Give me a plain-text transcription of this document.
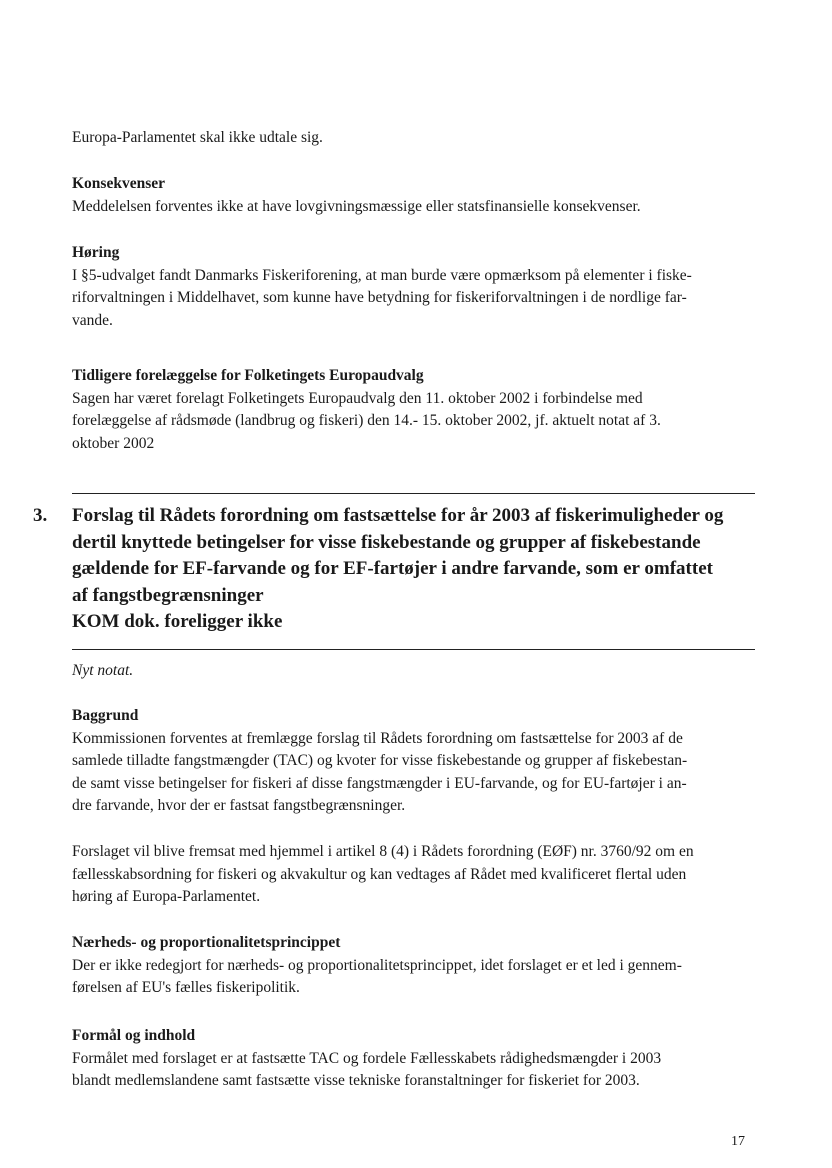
Europa-Parlamentet skal ikke udtale sig.

Konsekvenser

Meddelelsen forventes ikke at have lovgivningsmæssige eller statsfinansielle konsekvenser.

Høring

I §5-udvalget fandt Danmarks Fiskeriforening, at man burde være opmærksom på elementer i fiske-
riforvaltningen i Middelhavet, som kunne have betydning for fiskeriforvaltningen i de nordlige far-
vande.

Tidligere forelæggelse for Folketingets Europaudvalg

Sagen har været forelagt Folketingets Europaudvalg den 11. oktober 2002 i forbindelse med
forelæggelse af rådsmøde (landbrug og fiskeri) den 14.- 15. oktober 2002, jf. aktuelt notat af 3.
oktober 2002
3. Forslag til Rådets forordning om fastsættelse for år 2003 af fiskerimuligheder og
dertil knyttede betingelser for visse fiskebestande og grupper af fiskebestande
gældende for EF-farvande og for EF-fartøjer i andre farvande, som er omfattet
af fangstbegrænsninger
KOM dok. foreligger ikke
Nyt notat.

Baggrund

Kommissionen forventes at fremlægge forslag til Rådets forordning om fastsættelse for 2003 af de
samlede tilladte fangstmængder (TAC) og kvoter for visse fiskebestande og grupper af fiskebestan-
de samt visse betingelser for fiskeri af disse fangstmængder i EU-farvande, og for EU-fartøjer i an-
dre farvande, hvor der er fastsat fangstbegrænsninger.
Forslaget vil blive fremsat med hjemmel i artikel 8 (4) i Rådets forordning (EØF) nr. 3760/92 om en
fællesskabsordning for fiskeri og akvakultur og kan vedtages af Rådet med kvalificeret flertal uden
høring af Europa-Parlamentet.

Nærheds- og proportionalitetsprincippet

Der er ikke redegjort for nærheds- og proportionalitetsprincippet, idet forslaget er et led i gennem-
førelsen af EU's fælles fiskeripolitik.

Formål og indhold

Formålet med forslaget er at fastsætte TAC og fordele Fællesskabets rådighedsmængder i 2003
blandt medlemslandene samt fastsætte visse tekniske foranstaltninger for fiskeriet for 2003.
17
